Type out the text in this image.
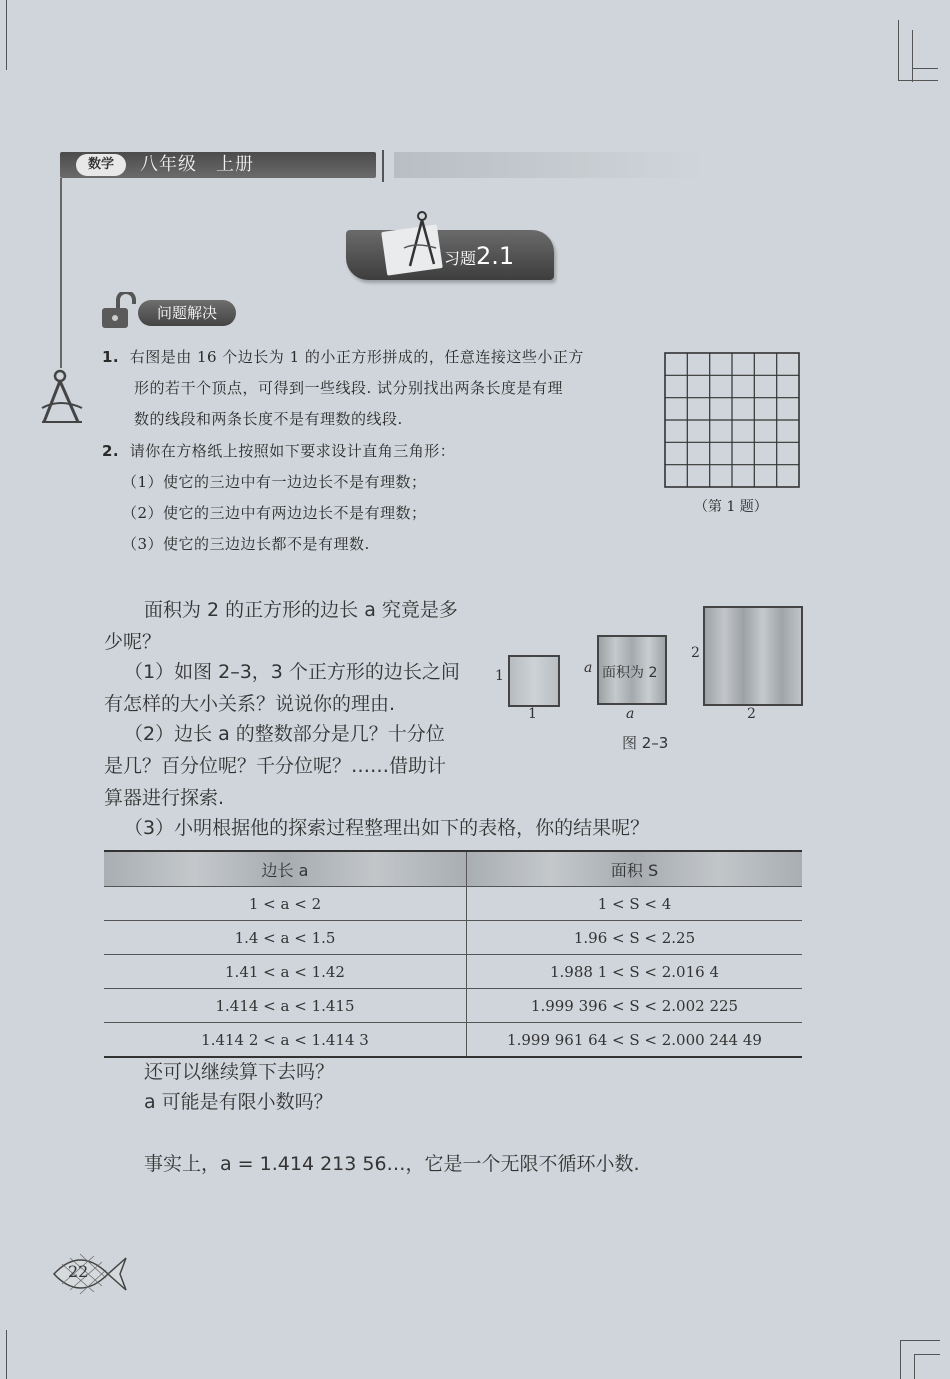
数学	八年级　上册
习题2.1
问题解决
1. 右图是由 16 个边长为 1 的小正方形拼成的，任意连接这些小正方
形的若干个顶点，可得到一些线段. 试分别找出两条长度是有理
数的线段和两条长度不是有理数的线段.
2. 请你在方格纸上按照如下要求设计直角三角形：
（1）使它的三边中有一边边长不是有理数；
（2）使它的三边中有两边边长不是有理数；
（3）使它的三边边长都不是有理数.
（第 1 题）
面积为 2 的正方形的边长 a 究竟是多
少呢？
（1）如图 2–3，3 个正方形的边长之间
有怎样的大小关系？说说你的理由.
（2）边长 a 的整数部分是几？十分位
是几？百分位呢？千分位呢？……借助计
算器进行探索.
（3）小明根据他的探索过程整理出如下的表格，你的结果呢？
1
1
a 面积为 2
a
2
2
图 2–3
边长 a	面积 S
1 < a < 2	1 < S < 4
1.4 < a < 1.5	1.96 < S < 2.25
1.41 < a < 1.42	1.988 1 < S < 2.016 4
1.414 < a < 1.415	1.999 396 < S < 2.002 225
1.414 2 < a < 1.414 3	1.999 961 64 < S < 2.000 244 49
还可以继续算下去吗？
a 可能是有限小数吗？
事实上，a = 1.414 213 56…，它是一个无限不循环小数.
22
